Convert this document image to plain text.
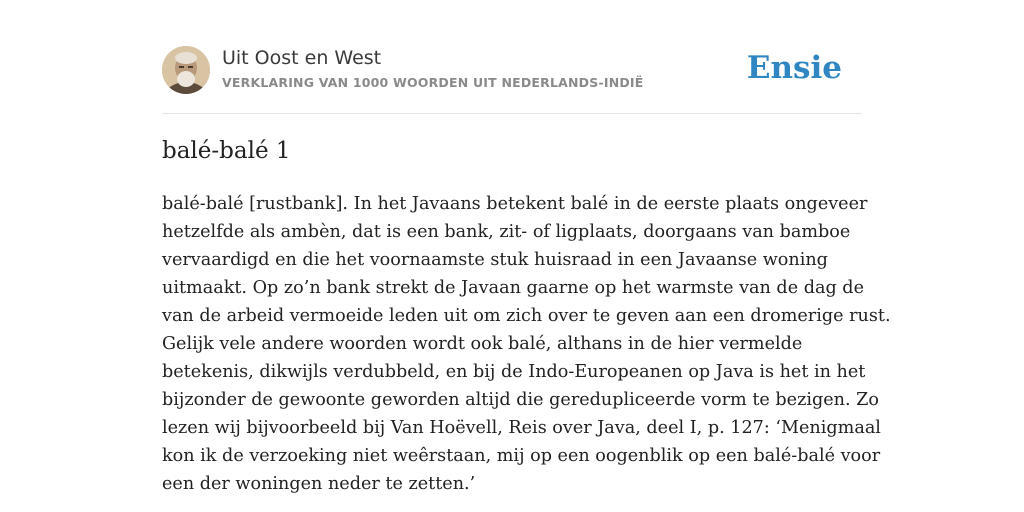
Uit Oost en West
VERKLARING VAN 1000 WOORDEN UIT NEDERLANDS-INDIË	Ensie
balé-balé 1
balé-balé [rustbank]. In het Javaans betekent balé in de eerste plaats ongeveer
hetzelfde als ambèn, dat is een bank, zit- of ligplaats, doorgaans van bamboe
vervaardigd en die het voornaamste stuk huisraad in een Javaanse woning
uitmaakt. Op zo’n bank strekt de Javaan gaarne op het warmste van de dag de
van de arbeid vermoeide leden uit om zich over te geven aan een dromerige rust.
Gelijk vele andere woorden wordt ook balé, althans in de hier vermelde
betekenis, dikwijls verdubbeld, en bij de Indo-Europeanen op Java is het in het
bijzonder de gewoonte geworden altijd die geredupliceerde vorm te bezigen. Zo
lezen wij bijvoorbeeld bij Van Hoëvell, Reis over Java, deel I, p. 127: ‘Menigmaal
kon ik de verzoeking niet weêrstaan, mij op een oogenblik op een balé-balé voor
een der woningen neder te zetten.’
